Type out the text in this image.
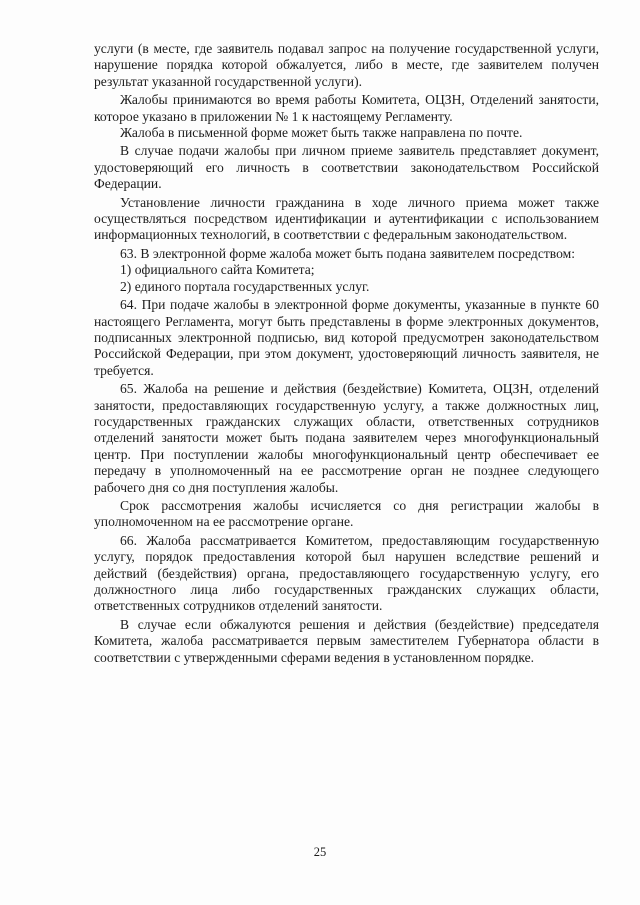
услуги (в месте, где заявитель подавал запрос на получение государственной услуги, нарушение порядка которой обжалуется, либо в месте, где заявителем получен результат указанной государственной услуги).

Жалобы принимаются во время работы Комитета, ОЦЗН, Отделений занятости, которое указано в приложении № 1 к настоящему Регламенту.

Жалоба в письменной форме может быть также направлена по почте.

В случае подачи жалобы при личном приеме заявитель представляет документ, удостоверяющий его личность в соответствии законодательством Российской Федерации.

Установление личности гражданина в ходе личного приема может также осуществляться посредством идентификации и аутентификации с использованием информационных технологий, в соответствии с федеральным законодательством.

63. В электронной форме жалоба может быть подана заявителем посредством:

1) официального сайта Комитета;

2) единого портала государственных услуг.

64. При подаче жалобы в электронной форме документы, указанные в пункте 60 настоящего Регламента, могут быть представлены в форме электронных документов, подписанных электронной подписью, вид которой предусмотрен законодательством Российской Федерации, при этом документ, удостоверяющий личность заявителя, не требуется.

65. Жалоба на решение и действия (бездействие) Комитета, ОЦЗН, отделений занятости, предоставляющих государственную услугу, а также должностных лиц, государственных гражданских служащих области, ответственных сотрудников отделений занятости может быть подана заявителем через многофункциональный центр. При поступлении жалобы многофункциональный центр обеспечивает ее передачу в уполномоченный на ее рассмотрение орган не позднее следующего рабочего дня со дня поступления жалобы.

Срок рассмотрения жалобы исчисляется со дня регистрации жалобы в уполномоченном на ее рассмотрение органе.

66. Жалоба рассматривается Комитетом, предоставляющим государственную услугу, порядок предоставления которой был нарушен вследствие решений и действий (бездействия) органа, предоставляющего государственную услугу, его должностного лица либо государственных гражданских служащих области, ответственных сотрудников отделений занятости.

В случае если обжалуются решения и действия (бездействие) председателя Комитета, жалоба рассматривается первым заместителем Губернатора области в соответствии с утвержденными сферами ведения в установленном порядке.

25
